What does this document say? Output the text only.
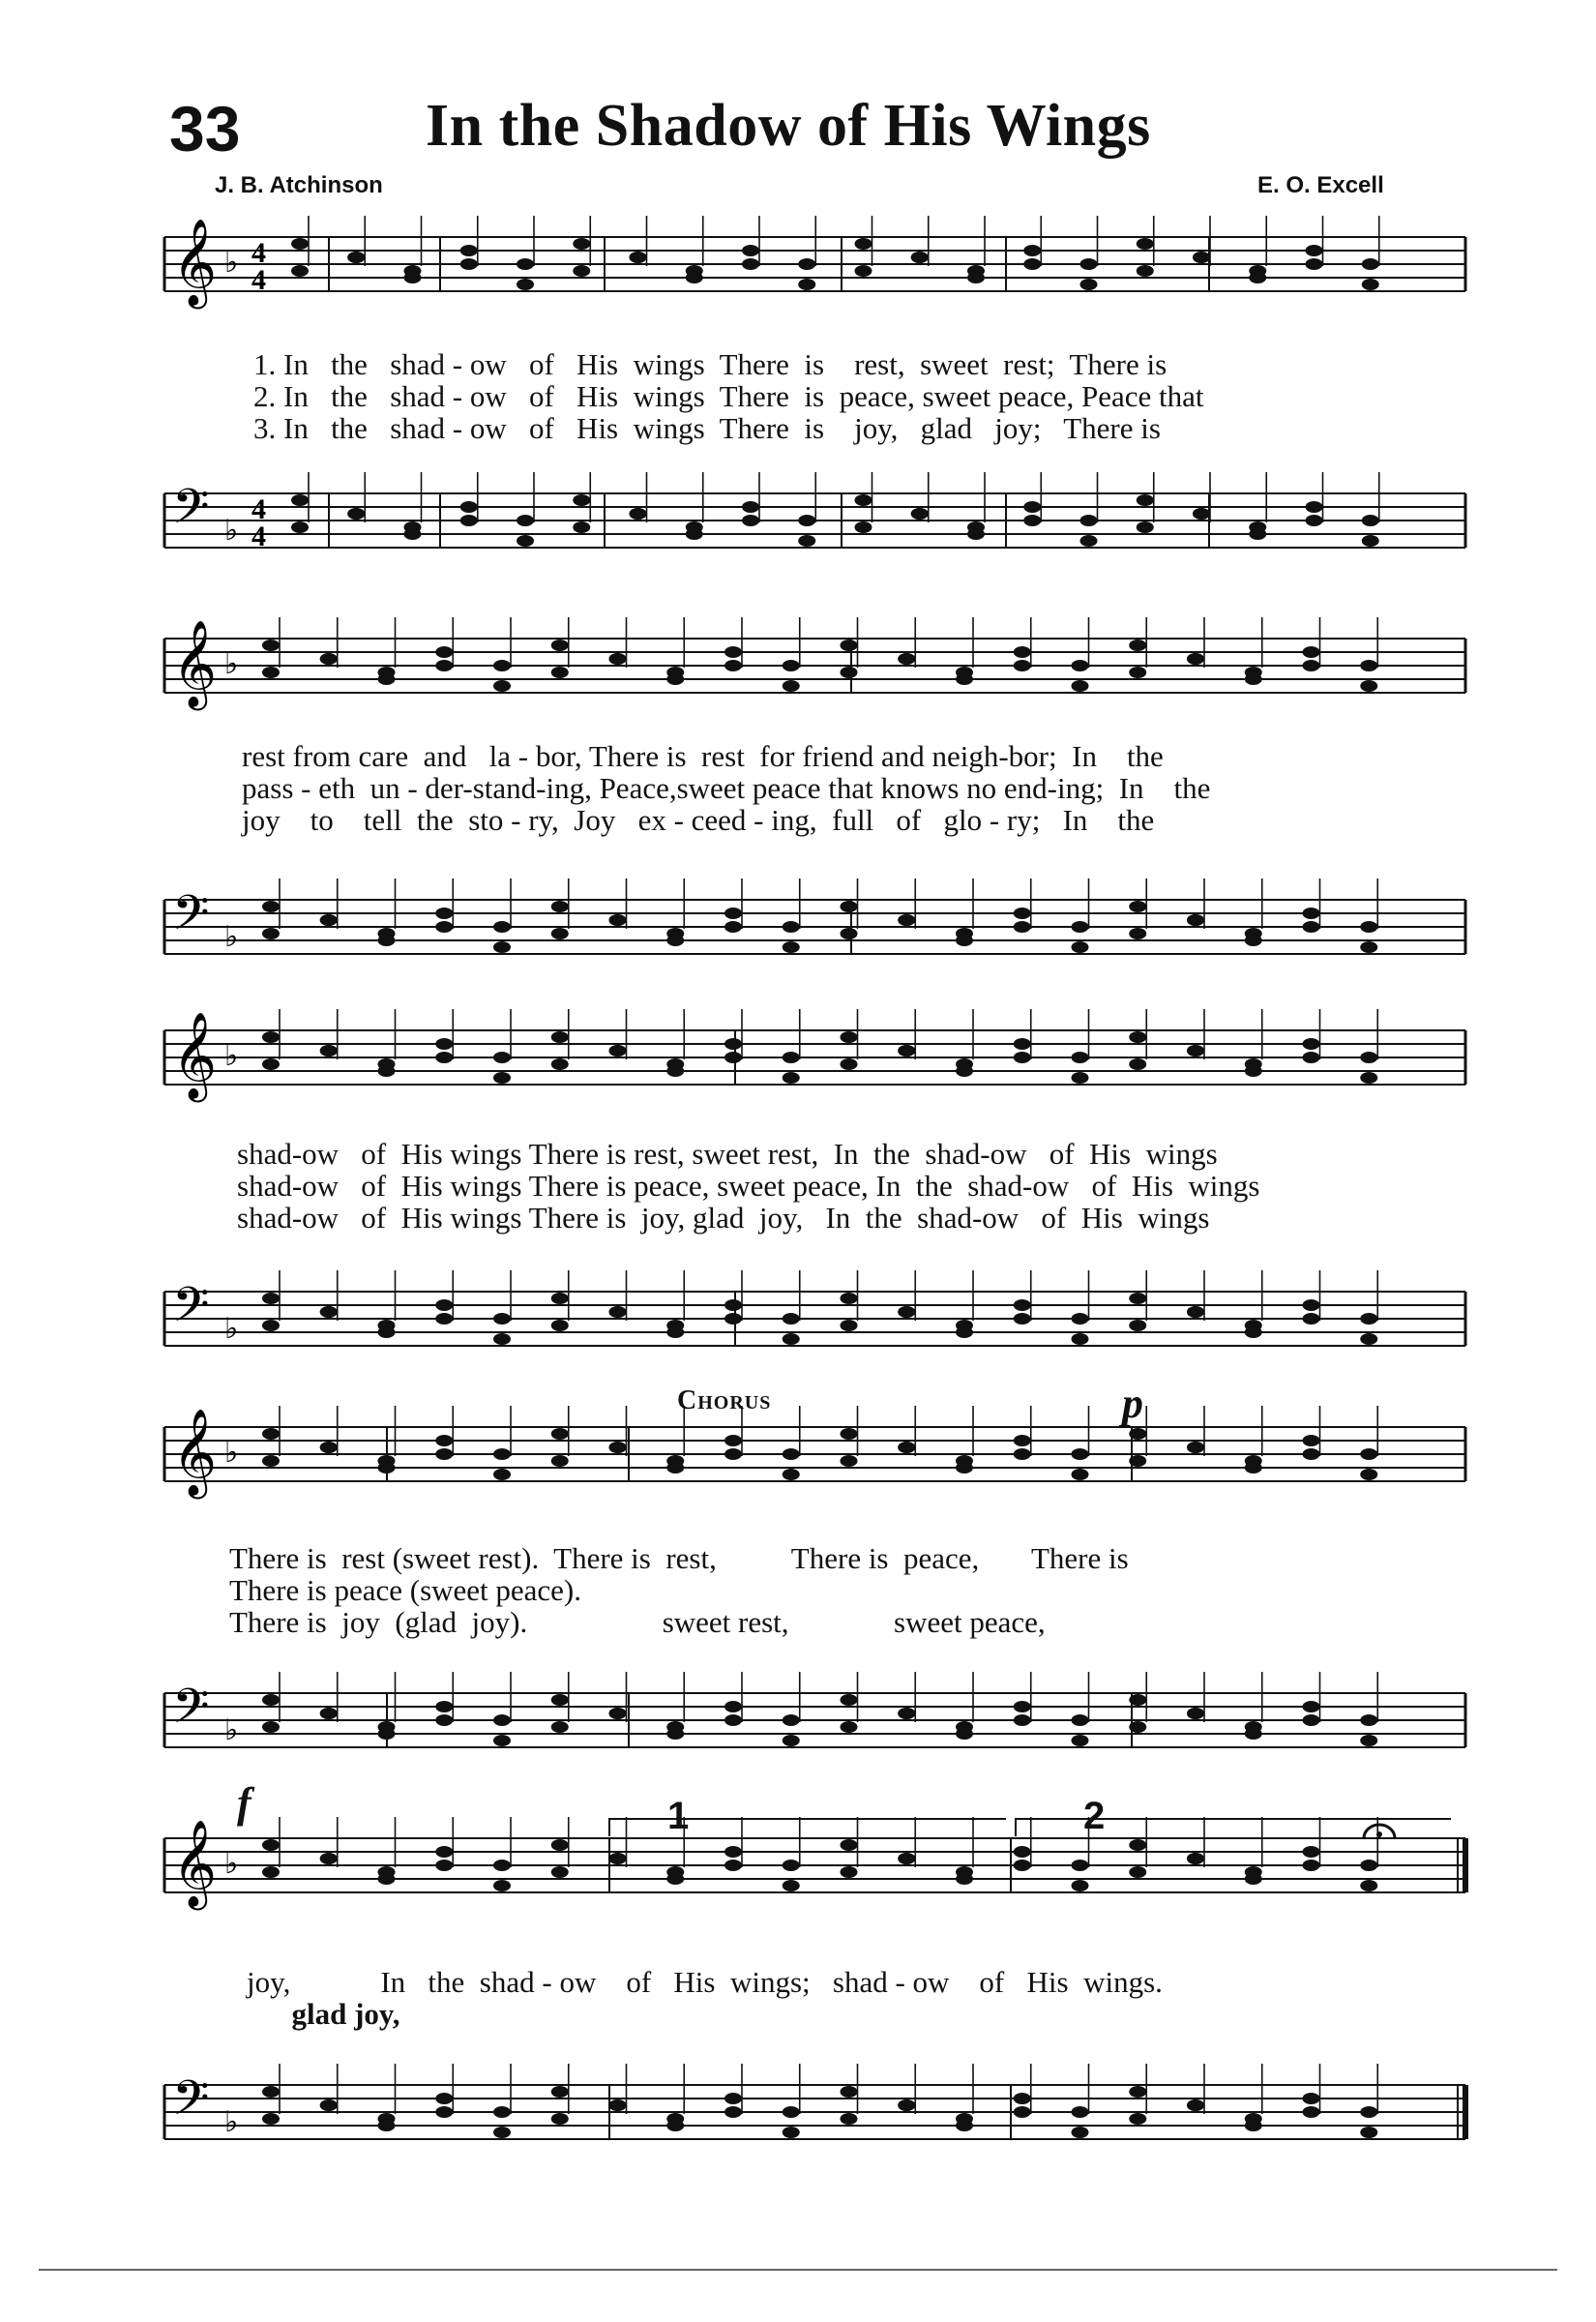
33	In the Shadow of His Wings
J. B. Atchinson	E. O. Excell
𝄞 ♭ 4
4
𝄢 ♭
4
4
𝄞 ♭
𝄢 ♭
𝄞 ♭
𝄢 ♭
𝄞 ♭
𝄢 ♭
𝄞 ♭
𝄢 ♭
1. In   the   shad - ow   of   His  wings  There  is    rest,  sweet  rest;  There is
2. In   the   shad - ow   of   His  wings  There  is  peace, sweet peace, Peace that
3. In   the   shad - ow   of   His  wings  There  is    joy,   glad   joy;   There is
rest from care  and   la - bor, There is  rest  for friend and neigh-bor;  In    the
pass - eth  un - der-stand-ing, Peace,sweet peace that knows no end-ing;  In    the
joy    to    tell  the  sto - ry,  Joy   ex - ceed - ing,  full   of   glo - ry;   In    the
shad-ow   of  His wings There is rest, sweet rest,  In  the  shad-ow   of  His  wings
shad-ow   of  His wings There is peace, sweet peace, In  the  shad-ow   of  His  wings
shad-ow   of  His wings There is  joy, glad  joy,   In  the  shad-ow   of  His  wings
Chorus	p
There is  rest (sweet rest).  There is  rest,          There is  peace,       There is
There is peace (sweet peace).
There is  joy  (glad  joy).                  sweet rest,              sweet peace,
f	1	2
joy,            In   the  shad - ow    of   His  wings;   shad - ow    of   His  wings.
glad joy,
